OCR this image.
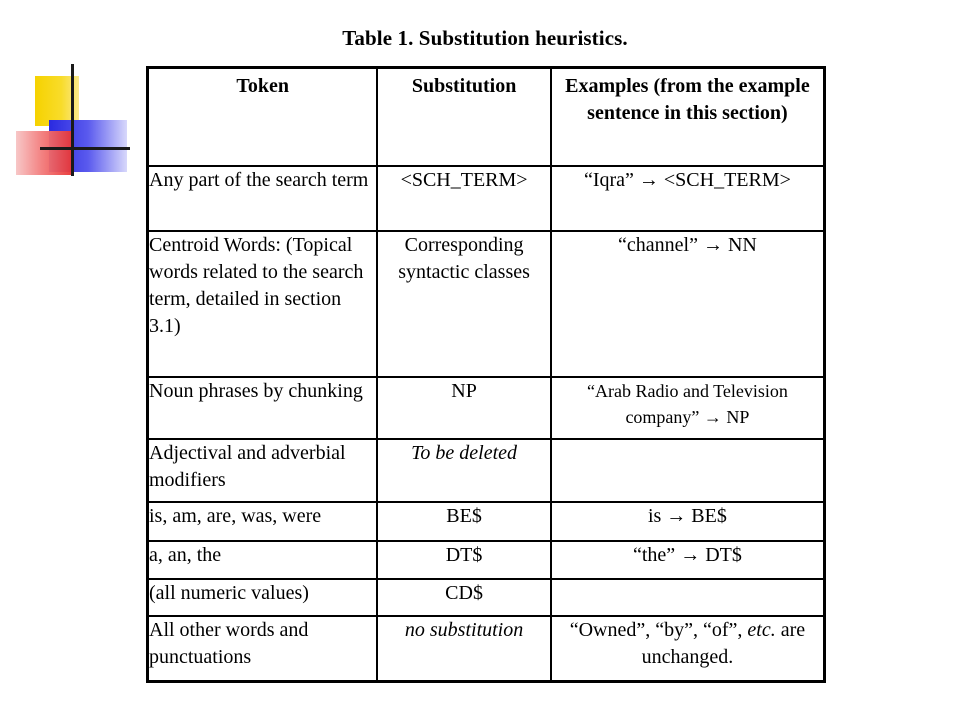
Table 1. Substitution heuristics.
Token	Substitution	Examples (from the example sentence in this section)
Any part of the search term	<SCH_TERM>	“Iqra” → <SCH_TERM>
Centroid Words: (Topical words related to the search term, detailed in section 3.1)	Corresponding syntactic classes	“channel” → NN
Noun phrases by chunking	NP	“Arab Radio and Television company” → NP
Adjectival and adverbial modifiers	To be deleted	
is, am, are, was, were	BE$	is → BE$
a, an, the	DT$	“the” → DT$
(all numeric values)	CD$	
All other words and punctuations	no substitution	“Owned”, “by”, “of”, etc. are unchanged.
